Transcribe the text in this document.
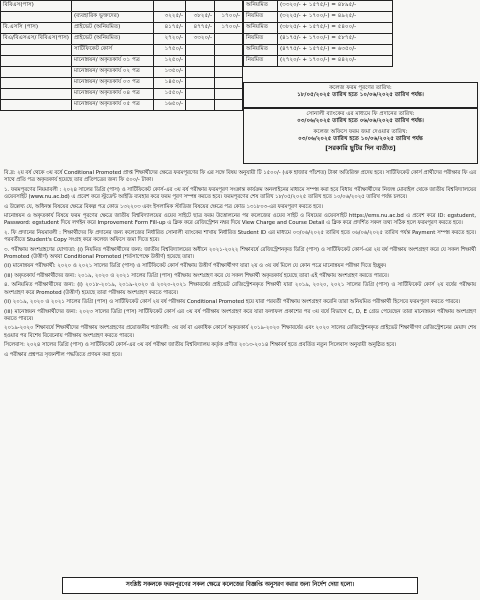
বিবিএস(পাস)				
	(ব্যবহারিক ভুক্তদের)	৩২২৫/-	৩৮২৫/-	১৭০০/-
বি.এসসি (পাস)	প্রাইভেট (অনিয়মিত)	৪১৭৫/-	৪৭৭৫/-	১৭০০/-
বিএ/বিএসএস/ বিবিএস(পাস)	প্রাইভেট (অনিয়মিত)	২৭২০/-	৩৩২০/-	
	সার্টিফিকেট কোর্স	১৭৫০/-		
	মানোন্নয়ন/ অকৃতকার্য ০১ পত্র	১২৫০/-		
	মানোন্নয়ন/ অকৃতকার্য ০২ পত্র	১৩৫০/-		
	মানোন্নয়ন/ অকৃতকার্য ০৩ পত্র	১৪৫০/-		
	মানোন্নয়ন/ অকৃতকার্য ০৪ পত্র	১৫৫০/-		
	মানোন্নয়ন/ অকৃতকার্য ০৫ পত্র	১৬৫০/-		
অনিয়মিত	(৩৩২০/- + ১৫৭৫/-) = ৪৮৯৫/-
নিয়মিত	(৩২২৫/- + ১৭০০/-) = ৪৯২৫/-
অনিয়মিত	(৩৮২৫/- + ১৫৭৫/-) = ৫৪০০/-
নিয়মিত	(৪১৭৫/- + ১৭০০/-) = ৫৮৭৫/-
অনিয়মিত	(৪৭৭৫/- + ১৫৭৫/-) = ৬৩৫০/-
নিয়মিত	(২৭২০/- + ১৭০০/-) = ৪৪২০/-
কলেজ ফরম পূরণের তারিখ:
১৮/০৫/২০২৫ তারিখ হতে ১০/০৬/২০২৫ তারিখ পর্যন্ত।
সোনালী ব্যাংকের এর মাধ্যমে ফি প্রদানের তারিখ:
০৩/০৬/২০২৫ তারিখ হতে ০৬/০৬/২০২৫ তারিখ পর্যন্ত।
কলেজ অফিসে ফরম জমা দেওয়ার তারিখ:
০৩/০৬/২০২৫ তারিখ হতে ১০/০৬/২০২৫ তারিখ পর্যন্ত
[সরকারি ছুটির দিন ব্যতীত]

বি.দ্র: ২য় বর্ষ থেকে ৩য় বর্ষে Conditional Promoted প্রাপ্ত শিক্ষার্থীদের ক্ষেত্রে ফরমপূরণের ফি এর সঙ্গে বিষয় অনুযায়ী টি ১৫০০/- (এক হাজার পাঁচশত) টাকা অতিরিক্ত প্রদেয় হবে। সার্টিফিকেট কোর্স প্রার্থীদের পরীক্ষার ফি এর সাথে প্রতি পত্র অকৃতকার্য হয়েছে তার প্রতিপত্রের জন্য ফি ৫০০/- টাকা।

১. ফরমপূরণের নিয়মাবলী : ২০২৪ সালের ডিগ্রি (পাস) ও সার্টিফিকেট কোর্স-এর ৩য় বর্ষ পরীক্ষার ফরমপূরণ সংক্রান্ত কার্যক্রম অনলাইনের মাধ্যমে সম্পন্ন করা হবে বিধায় পরীক্ষার্থীদের নিজস্ব মোবাইল থেকে জাতীয় বিশ্ববিদ্যালয়ের ওয়েবসাইট (www.nu.ac.bd) এ প্রবেশ করে স্টুডেন্ট আইডি ব্যবহার করে ফরম পূরণ সম্পন্ন করতে হবে। ফরমপূরণের শেষ তারিখ ১৮/০৫/২০২৫ তারিখ হতে ১০/০৬/২০২৫ তারিখ পর্যন্ত চলবে।

এ উল্লেখ্য যে, অধিনস্ত বিষয়ের ক্ষেত্রে বিকল্প পত্র কোড ১৩২২০৩ এবং ইসলামিক স্টাডিজ বিষয়ের ক্ষেত্রে পত্র কোড ১৩১৮০৩-এর ফরমপূরণ করতে হবে।

মানোন্নয়ন ও অকৃতকার্য বিষয়ে ফরম পূরণের ক্ষেত্রে জাতীয় বিশ্ববিদ্যালয়ের ওয়েব সাইটে ছাত্র ফরম উত্তোলনের পর কলেজের ওয়েব সাইট ও বিষয়ের ওয়েবসাইট https://ems.nu.ac.bd এ প্রবেশ করে ID: egstudent, Password: egstudent দিয়ে লগইন করে Improvement Form Fill-up এ ক্লিক করে রেজিস্ট্রেশন নম্বর দিয়ে View Charge and Course Detail এ ক্লিক করে প্রদর্শিত সকল তথ্য সঠিক হলে ফরমপূরণ করতে হবে।

২. ফি প্রদানের নিয়মাবলী : শিক্ষার্থীদের ফি প্রদানের জন্য কলেজের নির্ধারিত সোনালী ব্যাংকের শাখায় নির্ধারিত Student ID এর মাধ্যমে ০৩/০৬/২০২৫ তারিখ হতে ০৬/০৬/২০২৫ তারিখ পর্যন্ত Payment সম্পন্ন করতে হবে। পরবর্তীতে Student's Copy সংগ্রহ করে কলেজ অফিসে জমা দিতে হবে।

৩. পরীক্ষায় অংশগ্রহণের যোগ্যতা: (i) নিয়মিত পরীক্ষার্থীদের জন্য: জাতীয় বিশ্ববিদ্যালয়ের অধীনে ২০২১-২০২২ শিক্ষাবর্ষে রেজিস্ট্রেশনকৃত ডিগ্রি (পাস) ও সার্টিফিকেট কোর্স-এর ২য় বর্ষ পরীক্ষায় অংশগ্রহণ করে যে সকল শিক্ষার্থী Promoted (উত্তীর্ণ) অথবা Conditional Promoted (শর্তসাপেক্ষে উত্তীর্ণ) হয়েছে তারা।

(ii) মানোন্নয়ন পরীক্ষার্থী: ২০২০ ও ২০২১ সালের ডিগ্রি (পাস) ও সার্টিফিকেট কোর্স পরীক্ষায় উত্তীর্ণ পরীক্ষার্থীগণ যারা ২য় ও ৩য় বর্ষ মিলে যে কোন পত্রে মানোন্নয়ন পরীক্ষা দিতে ইচ্ছুক।

(iii) অকৃতকার্য পরীক্ষার্থীদের জন্য: ২০১৯, ২০২০ ও ২০২১ সালের ডিগ্রি (পাস) পরীক্ষায় অংশগ্রহণ করে যে সকল শিক্ষার্থী অকৃতকার্য হয়েছে তারা এই পরীক্ষায় অংশগ্রহণ করতে পারবে।

৪. অনিয়মিত পরীক্ষার্থীদের জন্য: (i) ২০১৮-২০১৯, ২০১৯-২০২০ ও ২০২০-২০২১ শিক্ষাবর্ষের প্রাইভেট রেজিস্ট্রেশনকৃত শিক্ষার্থী যারা ২০১৯, ২০২০, ২০২১ সালের ডিগ্রি (পাস) ও সার্টিফিকেট কোর্স ২য় বর্ষের পরীক্ষায় অংশগ্রহণ করে Promoted (উত্তীর্ণ) হয়েছে তারা পরীক্ষায় অংশগ্রহণ করতে পারবে।

(ii) ২০১৯, ২০২০ ও ২০২১ সালের ডিগ্রি (পাস) ও সার্টিফিকেট কোর্স ২য় বর্ষ পরীক্ষায় Conditional Promoted হয়ে যারা পরবর্তী পরীক্ষায় অংশগ্রহণ করেনি তারা অনিয়মিত পরীক্ষার্থী হিসেবে ফরমপূরণ করতে পারবে।

(iii) মানোন্নয়ন পরীক্ষার্থীদের জন্য: ২০২৩ সালের ডিগ্রি (পাস) সার্টিফিকেট কোর্স এর ৩য় বর্ষ পরীক্ষায় অংশগ্রহণ করে যারা ফলাফল প্রকাশের পর ৩য় বর্ষে বিভাগে C, D, E গ্রেড পেয়েছেন তারা মানোন্নয়ন পরীক্ষায় অংশগ্রহণ করতে পারবে।

২০১৯-২০২০ শিক্ষাবর্ষে শিক্ষার্থীদের পরীক্ষায় অংশগ্রহণের প্রয়োজনীয় শর্তাবলী: ৩য় বর্ষ বা একাধিক কোর্সে অকৃতকার্য ২০১৯-২০২০ শিক্ষাবর্ষের এবং ২০২০ সালের রেজিস্ট্রেশনকৃত প্রাইভেট শিক্ষার্থীগণ রেজিস্ট্রেশনের মেয়াদ শেষ হওয়ার পর বিশেষ বিবেচনায় পরীক্ষায় অংশগ্রহণ করতে পারবে।

সিলেবাস: ২০২৪ সালের ডিগ্রি (পাস) ও সার্টিফিকেট কোর্স-এর ৩য় বর্ষ পরীক্ষা জাতীয় বিশ্ববিদ্যালয় কর্তৃক প্রণীত ২০১৩-২০১৪ শিক্ষাবর্ষ হতে প্রবর্তিত নতুন সিলেবাস অনুযায়ী অনুষ্ঠিত হবে।

এ পরীক্ষার প্রশ্নপত্র সৃজনশীল পদ্ধতিতে প্রণয়ন করা হবে।

সংশ্লিষ্ট সকলকে ফরমপূরণের সকল ক্ষেত্রে কলেজের বিজ্ঞপ্তি অনুসরণ করার জন্য নির্দেশ দেয়া হলো।
